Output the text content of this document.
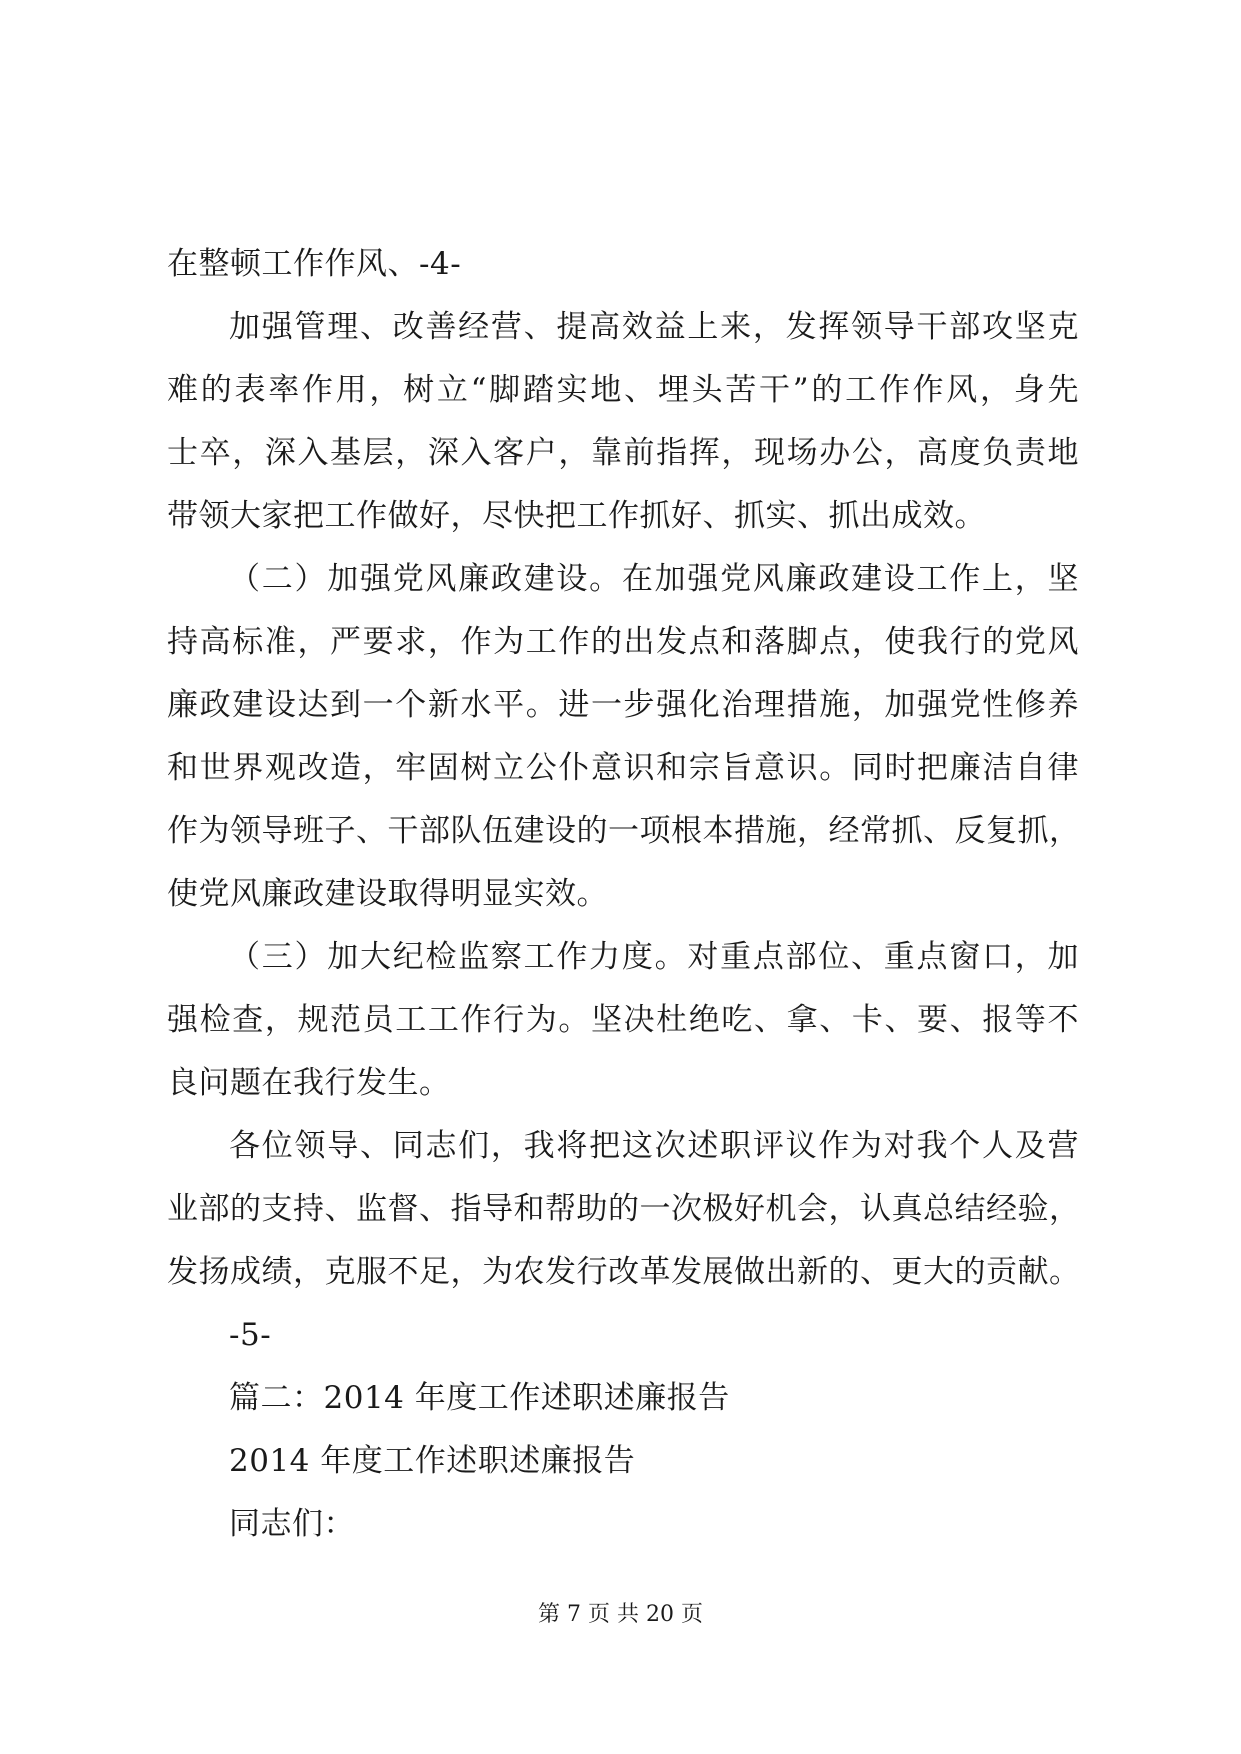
在整顿工作作风、-4-
加强管理、改善经营、提高效益上来，发挥领导干部攻坚克
难的表率作用，树立“脚踏实地、埋头苦干”的工作作风，身先
士卒，深入基层，深入客户，靠前指挥，现场办公，高度负责地
带领大家把工作做好，尽快把工作抓好、抓实、抓出成效。
（二）加强党风廉政建设。在加强党风廉政建设工作上，坚
持高标准，严要求，作为工作的出发点和落脚点，使我行的党风
廉政建设达到一个新水平。进一步强化治理措施，加强党性修养
和世界观改造，牢固树立公仆意识和宗旨意识。同时把廉洁自律
作为领导班子、干部队伍建设的一项根本措施，经常抓、反复抓，
使党风廉政建设取得明显实效。
（三）加大纪检监察工作力度。对重点部位、重点窗口，加
强检查，规范员工工作行为。坚决杜绝吃、拿、卡、要、报等不
良问题在我行发生。
各位领导、同志们，我将把这次述职评议作为对我个人及营
业部的支持、监督、指导和帮助的一次极好机会，认真总结经验，
发扬成绩，克服不足，为农发行改革发展做出新的、更大的贡献。
-5-
篇二：2014 年度工作述职述廉报告
2014 年度工作述职述廉报告
同志们：
第 7 页 共 20 页
